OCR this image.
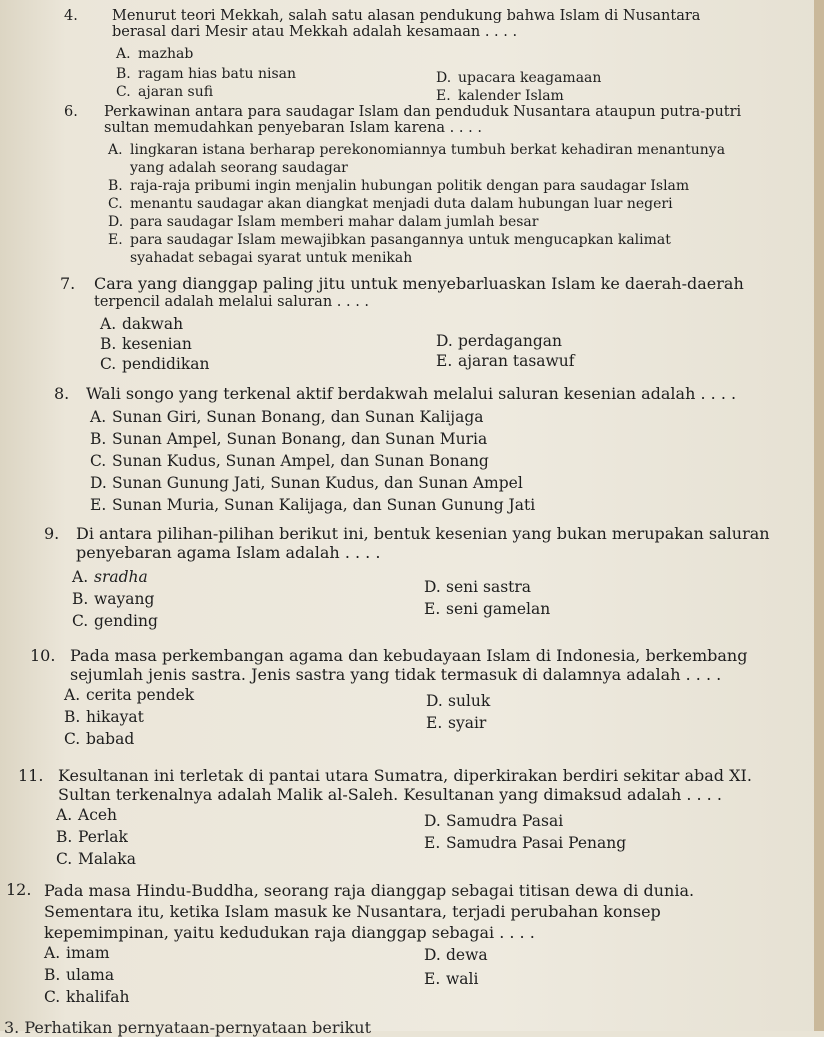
4. Menurut teori Mekkah, salah satu alasan pendukung bahwa Islam di Nusantara
berasal dari Mesir atau Mekkah adalah kesamaan . . . .
A. mazhab
B. ragam hias batu nisan
C. ajaran sufi
D. upacara keagamaan
E. kalender Islam
6. Perkawinan antara para saudagar Islam dan penduduk Nusantara ataupun putra-putri
sultan memudahkan penyebaran Islam karena . . . .
A. lingkaran istana berharap perekonomiannya tumbuh berkat kehadiran menantunya
yang adalah seorang saudagar
B. raja-raja pribumi ingin menjalin hubungan politik dengan para saudagar Islam
C. menantu saudagar akan diangkat menjadi duta dalam hubungan luar negeri
D. para saudagar Islam memberi mahar dalam jumlah besar
E. para saudagar Islam mewajibkan pasangannya untuk mengucapkan kalimat
syahadat sebagai syarat untuk menikah
7. Cara yang dianggap paling jitu untuk menyebarluaskan Islam ke daerah-daerah
terpencil adalah melalui saluran . . . .
A. dakwah
B. kesenian
C. pendidikan
D. perdagangan
E. ajaran tasawuf
8. Wali songo yang terkenal aktif berdakwah melalui saluran kesenian adalah . . . .
A. Sunan Giri, Sunan Bonang, dan Sunan Kalijaga
B. Sunan Ampel, Sunan Bonang, dan Sunan Muria
C. Sunan Kudus, Sunan Ampel, dan Sunan Bonang
D. Sunan Gunung Jati, Sunan Kudus, dan Sunan Ampel
E. Sunan Muria, Sunan Kalijaga, dan Sunan Gunung Jati
9. Di antara pilihan-pilihan berikut ini, bentuk kesenian yang bukan merupakan saluran
penyebaran agama Islam adalah . . . .
A. sradha
B. wayang
C. gending
D. seni sastra
E. seni gamelan
10. Pada masa perkembangan agama dan kebudayaan Islam di Indonesia, berkembang
sejumlah jenis sastra. Jenis sastra yang tidak termasuk di dalamnya adalah . . . .
A. cerita pendek
B. hikayat
C. babad
D. suluk
E. syair
11. Kesultanan ini terletak di pantai utara Sumatra, diperkirakan berdiri sekitar abad XI.
Sultan terkenalnya adalah Malik al-Saleh. Kesultanan yang dimaksud adalah . . . .
A. Aceh
B. Perlak
C. Malaka
D. Samudra Pasai
E. Samudra Pasai Penang
12. Pada masa Hindu-Buddha, seorang raja dianggap sebagai titisan dewa di dunia.
Sementara itu, ketika Islam masuk ke Nusantara, terjadi perubahan konsep
kepemimpinan, yaitu kedudukan raja dianggap sebagai . . . .
A. imam
B. ulama
C. khalifah
D. dewa
E. wali
3. Perhatikan pernyataan-pernyataan berikut
